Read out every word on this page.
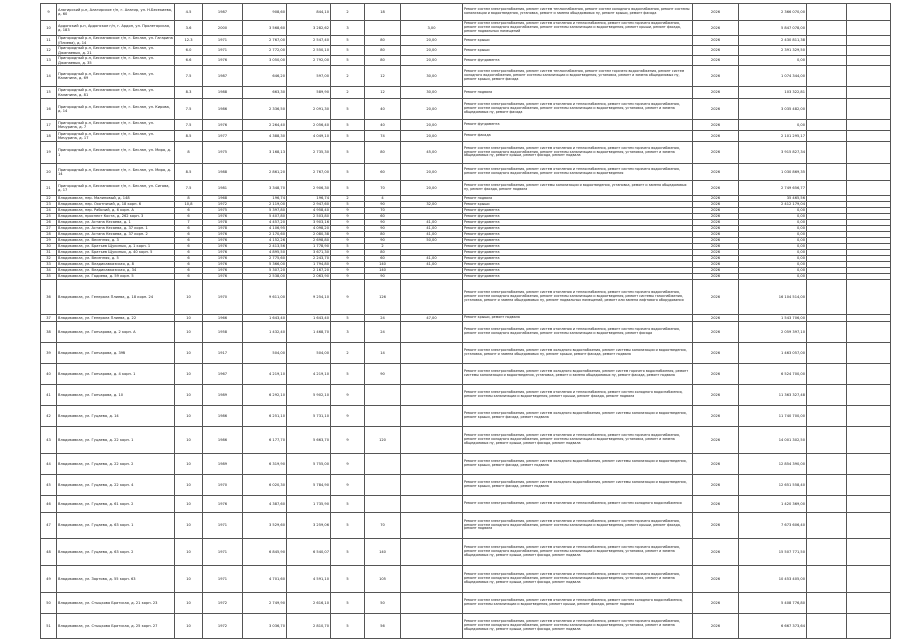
9	Алагирский р-н, Алагирское г/п, г. Алагир, ул. Н.Бесекиева, д. 60	4.5	1987	908,60	844,10	2	18		Ремонт систем электроснабжения, ремонт систем теплоснабжения, ремонт систем холодного водоснабжения, ремонт системы канализации и водоотведения, установка, ремонт и замена общедомовых пу, ремонт крыши, ремонт фасада	2026	2 366 070,00		
10	Ардонский р-н, Ардонское г/п, г. Ардон, ул. Пролетарская, д. 183	3.6	2000	3 568,60	3 282,62	3		3,00	Ремонт систем электроснабжения, ремонт систем отопления и теплоснабжения, ремонт систем горячего водоснабжения, ремонт систем холодного водоснабжения, ремонт системы канализации и водоотведения, ремонт крыши, ремонт фасада, ремонт подвальных помещений	2026	5 847 078,00		
11	Пригородный р-н, Беслановское г/п, г. Беслан, ул. Гагарина (Плиева), д. 14	12.3	1971	2 767,00	2 547,40	5	80	20,00	Ремонт крыши	2026	2 430 811,38		
12	Пригородный р-н, Беслановское г/п, г. Беслан, ул. Джанаевых, д. 21	6.0	1971	2 772,00	2 550,10	5	80	20,00	Ремонт крыши	2026	2 391 329,50		
13	Пригородный р-н, Беслановское г/п, г. Беслан, ул. Джанаевых, д. 35	6.6	1976	3 050,00	2 792,00	5	80	20,00	Ремонт фундамента	2026	0,00		
14	Пригородный р-н, Беслановское г/п, г. Беслан, ул. Калинина, д. 69	7.5	1987	646,20	597,00	2	12	30,00	Ремонт систем электроснабжения, ремонт систем теплоснабжения, ремонт систем горячего водоснабжения, ремонт систем холодного водоснабжения, ремонт системы канализации и водоотведения, установка, ремонт и замена общедомовых пу, ремонт крыши, ремонт фасада	2026	1 074 344,00		
15	Пригородный р-н, Беслановское г/п, г. Беслан, ул. Калинина, д. 81	8.3	1988	663,30	589,90	2	12	30,00	Ремонт подвала	2026	103 322,81		
16	Пригородный р-н, Беслановское г/п, г. Беслан, ул. Кирова, д. 14	7.5	1986	2 336,50	2 091,30	5	40	20,00	Ремонт систем электроснабжения, ремонт систем отопления и теплоснабжения, ремонт систем горячего водоснабжения, ремонт систем холодного водоснабжения, ремонт системы канализации и водоотведения, установка, ремонт и замена общедомовых пу, ремонт фасада	2026	3 035 482,00		
17	Пригородный р-н, Беслановское г/п, г. Беслан, ул. Мичурина, д. 7	7.5	1976	2 264,40	2 056,40	5	40	20,00	Ремонт фундамента	2026	0,00		
18	Пригородный р-н, Беслановское г/п, г. Беслан, ул. Мичурина, д. 17	8.5	1977	4 388,30	4 049,10	5	74	20,00	Ремонт фасада	2026	2 101 295,17		
19	Пригородный р-н, Беслановское г/п, г. Беслан, ул. Мира, д. 1	8	1975	3 168,13	2 735,30	5	80	45,00	Ремонт систем электроснабжения, ремонт систем отопления и теплоснабжения, ремонт систем горячего водоснабжения, ремонт систем холодного водоснабжения, ремонт системы канализации и водоотведения, установка, ремонт и замена общедомовых пу, ремонт крыши, ремонт фасада, ремонт подвала	2026	3 915 827,34		
20	Пригородный р-н, Беслановское г/п, г. Беслан, ул. Мира, д. 14	8.5	1988	2 861,20	2 767,00	5	60	20,00	Ремонт систем электроснабжения, ремонт систем отопления и теплоснабжения, ремонт систем горячего водоснабжения, ремонт систем холодного водоснабжения, ремонт системы канализации и водоотведения	2026	1 030 869,35		
21	Пригородный р-н, Беслановское г/п, г. Беслан, ул. Сигова, д. 17	7.5	1981	3 348,70	2 906,30	5	70	20,00	Ремонт систем электроснабжения, ремонт системы канализации и водоотведения, установка, ремонт и замена общедомовых пу, ремонт фасада, ремонт подвала	2026	2 749 656,77		
22	Владикавказ, пер. Малиновый, д. 148	8	1968	196,74	196,74	2	4		Ремонт подвала	2026	35 465,56		
23	Владикавказ, пер. Охотничий, д. 18 корп. 6	10,8	1972	2 119,00	2 947,60	5	90	32,00	Ремонт крыши	2026	2 412 179,04		
24	Владикавказ, пер. Рабочий, д. 6 корп. А	6	1975	5 397,80	4 958,40	9	70		Ремонт фундамента	2026	0,00		
25	Владикавказ, проспект Коста, д. 262 корп. 3	6	1976	5 407,80	2 503,80	9	60		Ремонт фундамента	2026	0,00		
26	Владикавказ, ул. Астана Кесаева, д. 1	7	1978	4 457,20	3 903,16	9	90	41,00	Ремонт фундамента	2026	0,00		
27	Владикавказ, ул. Астана Кесаева, д. 37 корп. 1	6	1978	4 106,95	4 098,20	9	90	41,00	Ремонт фундамента	2026	0,00		
28	Владикавказ, ул. Астана Кесаева, д. 37 корп. 2	6	1976	2 170,60	2 080,38	9	80	41,00	Ремонт фундамента	2026	0,00		
29	Владикавказ, ул. Весенняя, д. 3	6	1976	4 152,26	2 698,80	9	90	50,00	Ремонт фундамента	2026	0,00		
30	Владикавказ, ул. Братьев Щукиных, д. 1 корп. 1	6	1976	2 413,56	1 778,90	5	2		Ремонт фундамента	2026	0,00		
31	Владикавказ, ул. Братьев Щукиных, д. 40 корп. 5	6	1976	4 895,50	3 671,30	9	80		Ремонт фундамента	2026	0,00		
32	Владикавказ, ул. Весенняя, д. 5	6	1976	2 775,60	2 243,70	9	60	41,00	Ремонт фундамента	2026	0,00		
33	Владикавказ, ул. Владикавказская, д. 8	6	1976	5 366,00	1 794,80	9	140	41,00	Ремонт фундамента	2026	0,00		
34	Владикавказ, ул. Владикавказская, д. 34	6	1976	5 307,20	2 167,20	9	140		Ремонт фундамента	2026	0,00		
35	Владикавказ, ул. Гадиева, д. 59 корп. 5	6	1976	2 538,00	2 063,90	9	90		Ремонт фундамента	2026	0,00		
36	Владикавказ, ул. Генерала Плиева, д. 18 корп. 24	10	1970	9 611,00	9 254,10	9	126		Ремонт систем электроснабжения, ремонт систем отопления и теплоснабжения, ремонт систем горячего водоснабжения, ремонт систем холодного водоснабжения, ремонт системы канализации и водоотведения, ремонт системы газоснабжения, установка, ремонт и замена общедомовых пу, ремонт подвальных помещений, ремонт или замена лифтового оборудования	2026	16 104 514,00		
37	Владикавказ, ул. Генерала Плиева, д. 22	10	1966	1 643,40	1 643,40	5	24	47,00	Ремонт крыши, ремонт подвала	2026	1 543 706,00		
38	Владикавказ, ул. Гончарова, д. 2 корп. А	10	1958	1 432,40	1 468,70	3	24		Ремонт систем электроснабжения, ремонт систем отопления и теплоснабжения, ремонт систем горячего водоснабжения, ремонт систем холодного водоснабжения, ремонт системы канализации и водоотведения, ремонт фасада	2026	2 059 397,10		
39	Владикавказ, ул. Гончарова, д. 39б	10	1917	504,00	504,00	2	14		Ремонт систем электроснабжения, ремонт систем холодного водоснабжения, ремонт системы канализации и водоотведения, установка, ремонт и замена общедомовых пу, ремонт крыши, ремонт фасада, ремонт подвала	2026	1 463 057,00		
40	Владикавказ, ул. Гончарова, д. 4 корп. 1	10	1967	4 219,10	4 219,10	5	90		Ремонт систем электроснабжения, ремонт систем холодного водоснабжения, ремонт систем горячего водоснабжения, ремонт системы канализации и водоотведения, установка, ремонт и замена общедомовых пу, ремонт фасада, ремонт подвала	2026	6 524 700,00		
41	Владикавказ, ул. Гончарова, д. 10	10	1989	6 292,10	5 902,10	9			Ремонт систем электроснабжения, ремонт систем отопления и теплоснабжения, ремонт систем холодного водоснабжения, ремонт системы канализации и водоотведения, ремонт крыши, ремонт фасада, ремонт подвала	2026	11 363 327,48		
42	Владикавказ, ул. Гуцаева, д. 14	10	1986	6 251,10	5 731,10	9			Ремонт систем электроснабжения, ремонт систем холодного водоснабжения, ремонт системы канализации и водоотведения, ремонт крыши, ремонт фасада, ремонт подвала	2026	11 740 700,00		
43	Владикавказ, ул. Гуцаева, д. 22 корп. 1	10	1986	6 177,70	5 663,70	9	120		Ремонт систем электроснабжения, ремонт систем отопления и теплоснабжения, ремонт систем горячего водоснабжения, ремонт систем холодного водоснабжения, ремонт системы канализации и водоотведения, установка, ремонт и замена общедомовых пу, ремонт крыши, ремонт фасада, ремонт подвала	2026	14 001 302,50		
44	Владикавказ, ул. Гуцаева, д. 22 корп. 2	10	1989	6 319,90	5 755,00	9			Ремонт систем электроснабжения, ремонт систем холодного водоснабжения, ремонт системы канализации и водоотведения, ремонт крыши, ремонт фасада, ремонт подвала	2026	12 854 390,00		
45	Владикавказ, ул. Гуцаева, д. 22 корп. 4	10	1970	6 020,30	5 784,90	9			Ремонт систем электроснабжения, ремонт систем холодного водоснабжения, ремонт системы канализации и водоотведения, ремонт крыши, ремонт фасада, ремонт подвала	2026	12 651 558,40		
46	Владикавказ, ул. Гуцаева, д. 61 корп. 2	10	1976	4 387,60	1 735,90	5			Ремонт систем электроснабжения, ремонт систем отопления и теплоснабжения, ремонт систем холодного водоснабжения	2026	1 420 369,00		
47	Владикавказ, ул. Гуцаева, д. 63 корп. 1	10	1971	3 529,60	3 259,06	5	70		Ремонт систем электроснабжения, ремонт систем отопления и теплоснабжения, ремонт систем горячего водоснабжения, ремонт систем холодного водоснабжения, ремонт системы канализации и водоотведения, ремонт крыши, ремонт фасада, ремонт подвала	2026	7 673 606,40		
48	Владикавказ, ул. Гуцаева, д. 63 корп. 2	10	1971	6 845,90	6 540,07	5	140		Ремонт систем электроснабжения, ремонт систем отопления и теплоснабжения, ремонт систем горячего водоснабжения, ремонт систем холодного водоснабжения, ремонт системы канализации и водоотведения, установка, ремонт и замена общедомовых пу, ремонт крыши, ремонт фасада, ремонт подвала	2026	15 507 771,50		
49	Владикавказ, ул. Зортова, д. 55 корп. 63	10	1971	4 701,60	4 591,10	5	105		Ремонт систем электроснабжения, ремонт систем отопления и теплоснабжения, ремонт систем горячего водоснабжения, ремонт систем холодного водоснабжения, ремонт системы канализации и водоотведения, установка, ремонт и замена общедомовых пу, ремонт крыши, ремонт фасада, ремонт подвала	2026	10 453 405,00		
50	Владикавказ, ул. Стыцкова Братская, д. 21 корп. 23	10	1972	2 749,90	2 616,10	5	50		Ремонт систем электроснабжения, ремонт систем отопления и теплоснабжения, ремонт систем холодного водоснабжения, ремонт системы канализации и водоотведения, ремонт крыши, ремонт фасада, ремонт подвала	2026	5 408 776,80		
51	Владикавказ, ул. Стыцкова Братская, д. 25 корп. 27	10	1972	3 036,70	2 810,70	5	56		Ремонт систем электроснабжения, ремонт систем отопления и теплоснабжения, ремонт систем горячего водоснабжения, ремонт систем холодного водоснабжения, ремонт системы канализации и водоотведения, установка, ремонт и замена общедомовых пу, ремонт крыши, ремонт фасада, ремонт подвала	2026	6 667 373,64		
